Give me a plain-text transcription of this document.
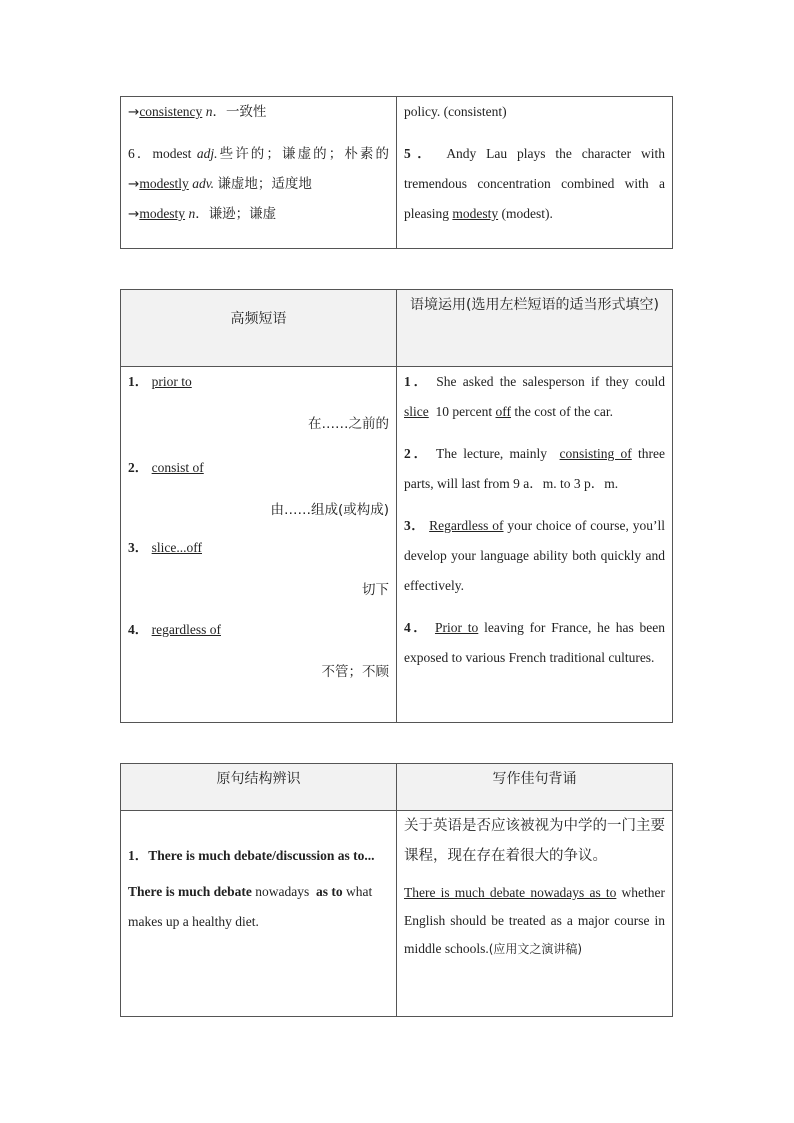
→consistency n．一致性

6．modest adj.些许的；谦虚的；朴素的→modestly adv. 谦虚地；适度地

→modesty n．谦逊；谦虚

policy. (consistent)

5． Andy Lau plays the character with tremendous concentration combined with a pleasing modesty (modest).

高频短语
语境运用(选用左栏短语的适当形式填空)

1． prior to

在……之前的

2． consist of

由……组成(或构成)

3． slice...off

切下

4． regardless of

不管；不顾

1． She asked the salesperson if they could slice 10 percent off the cost of the car.

2． The lecture, mainly consisting of three parts, will last from 9 a．m. to 3 p．m.

3． Regardless of your choice of course, you’ll develop your language ability both quickly and effectively.

4． Prior to leaving for France, he has been exposed to various French traditional cultures.

原句结构辨识	写作佳句背诵

1．There is much debate/discussion as to...

There is much debate nowadays as to what makes up a healthy diet.

关于英语是否应该被视为中学的一门主要课程，现在存在着很大的争议。

There is much debate nowadays as to whether English should be treated as a major course in middle schools.(应用文之演讲稿)
